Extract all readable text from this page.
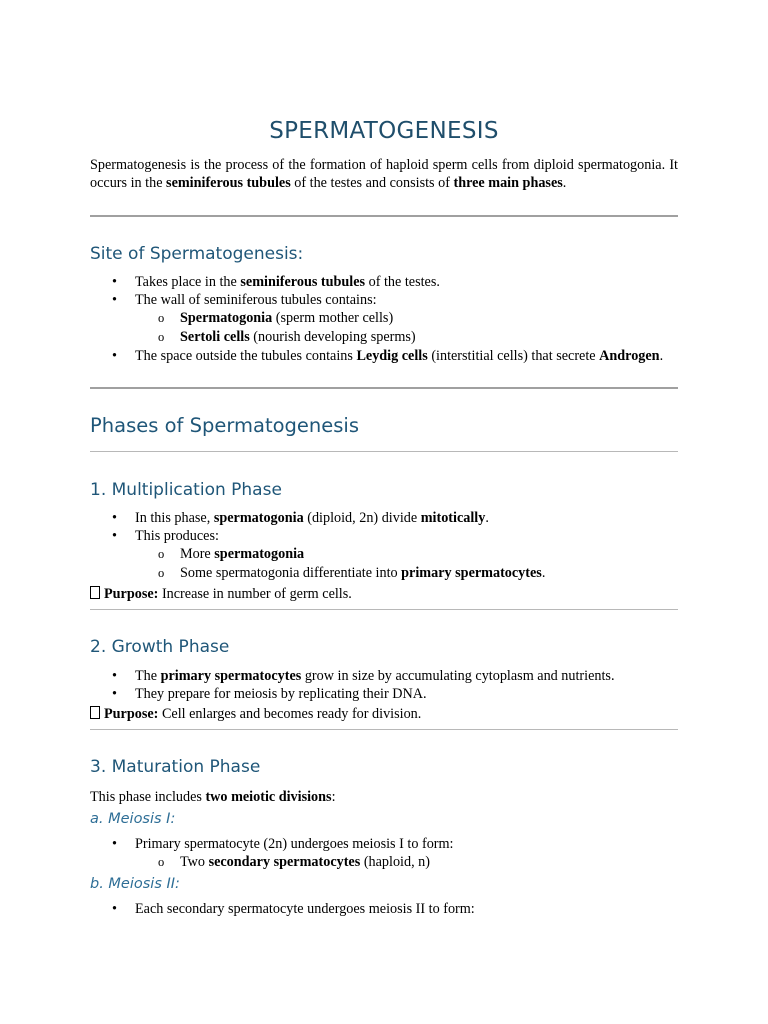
SPERMATOGENESIS
Spermatogenesis is the process of the formation of haploid sperm cells from diploid spermatogonia. It occurs in the seminiferous tubules of the testes and consists of three main phases.
Site of Spermatogenesis:
• Takes place in the seminiferous tubules of the testes.
• The wall of seminiferous tubules contains:
o Spermatogonia (sperm mother cells)
o Sertoli cells (nourish developing sperms)
• The space outside the tubules contains Leydig cells (interstitial cells) that secrete Androgen.
Phases of Spermatogenesis
1. Multiplication Phase
• In this phase, spermatogonia (diploid, 2n) divide mitotically.
• This produces:
o More spermatogonia
o Some spermatogonia differentiate into primary spermatocytes.
Purpose: Increase in number of germ cells.
2. Growth Phase
• The primary spermatocytes grow in size by accumulating cytoplasm and nutrients.
• They prepare for meiosis by replicating their DNA.
Purpose: Cell enlarges and becomes ready for division.
3. Maturation Phase
This phase includes two meiotic divisions:
a. Meiosis I:
• Primary spermatocyte (2n) undergoes meiosis I to form:
o Two secondary spermatocytes (haploid, n)
b. Meiosis II:
• Each secondary spermatocyte undergoes meiosis II to form:
